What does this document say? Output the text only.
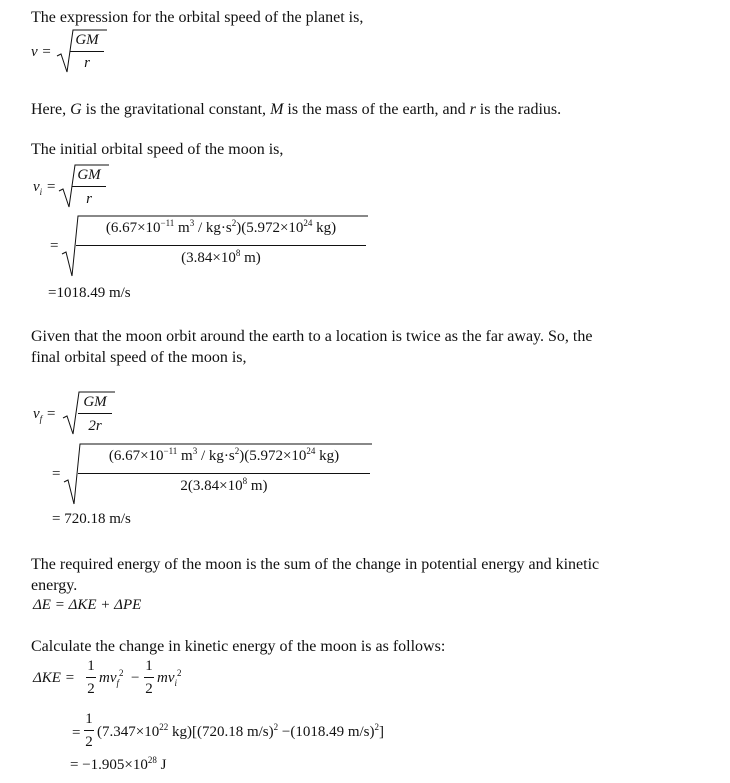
The expression for the orbital speed of the planet is,
v =
GM
r
Here, G is the gravitational constant, M is the mass of the earth, and r is the radius.
The initial orbital speed of the moon is,
$v_i$ =
GM
r
=
($6.67\times 10^{-11}$ $m^3 / kg\cdot s^2)(5.972\times 10^{24}$ kg)
($3.84\times 10^8$ m)
=1018.49 m/s
Given that the moon orbit around the earth to a location is twice as the far away. So, the
final orbital speed of the moon is,
$v_f$ =
GM
2r
=
($6.67\times 10^{-11}$ $m^3 / kg\cdot s^2)(5.972\times 10^{24}$ kg)
$2(3.84\times 10^8$ m)
= 720.18 m/s
The required energy of the moon is the sum of the change in potential energy and kinetic
energy.
ΔE = ΔKE + ΔPE
Calculate the change in kinetic energy of the moon is as follows:
ΔKE =
1
2
$mv_f^2$ −
1
2
$mv_i^2$
=
1
2
($7.347\times 10^{22}$ kg)[(720.18 m/s)$^2$ −(1018.49 m/s)$^2$]
= $-1.905\times 10^{28}$ J
